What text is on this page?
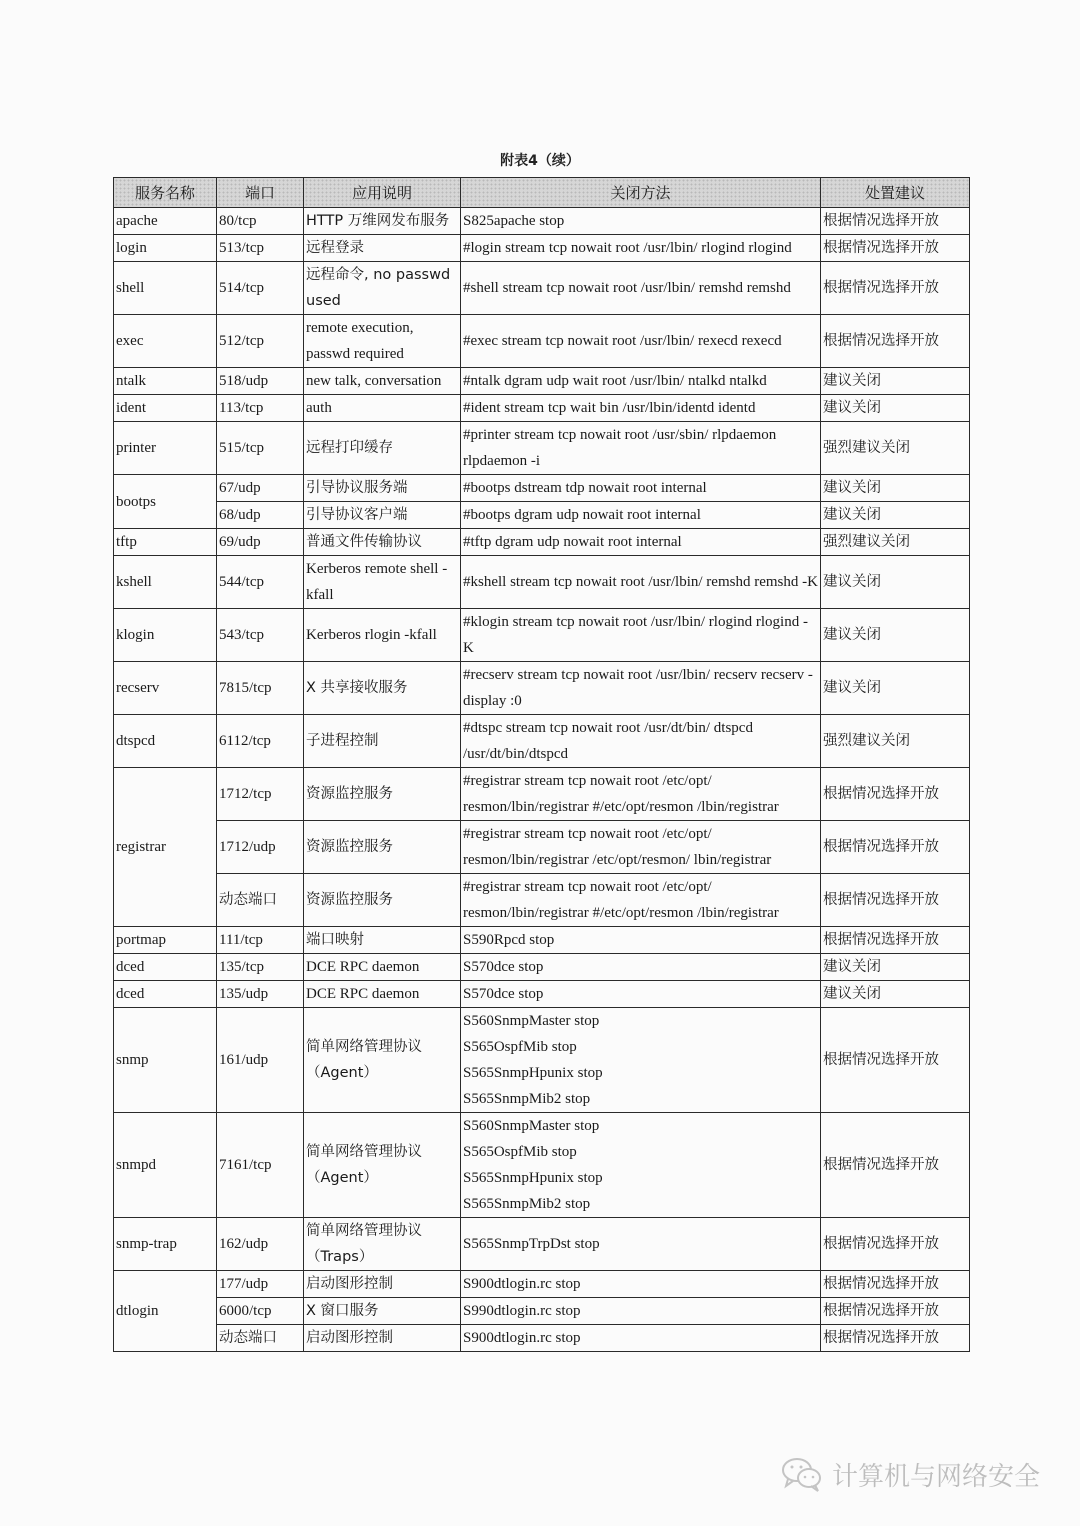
附表4（续）
服务名称	端口	应用说明	关闭方法	处置建议
apache	80/tcp	HTTP 万维网发布服务	S825apache stop	根据情况选择开放
login	513/tcp	远程登录	#login stream tcp nowait root /usr/lbin/ rlogind rlogind	根据情况选择开放
shell	514/tcp	远程命令, no passwd used	#shell stream tcp nowait root /usr/lbin/ remshd remshd	根据情况选择开放
exec	512/tcp	remote execution, passwd required	#exec stream tcp nowait root /usr/lbin/ rexecd rexecd	根据情况选择开放
ntalk	518/udp	new talk, conversation	#ntalk dgram udp wait root /usr/lbin/ ntalkd ntalkd	建议关闭
ident	113/tcp	auth	#ident stream tcp wait bin /usr/lbin/identd identd	建议关闭
printer	515/tcp	远程打印缓存	#printer stream tcp nowait root /usr/sbin/ rlpdaemon rlpdaemon -i	强烈建议关闭
bootps	67/udp	引导协议服务端	#bootps dstream tdp nowait root internal	建议关闭
	68/udp	引导协议客户端	#bootps dgram udp nowait root internal	建议关闭
tftp	69/udp	普通文件传输协议	#tftp dgram udp nowait root internal	强烈建议关闭
kshell	544/tcp	Kerberos remote shell -kfall	#kshell stream tcp nowait root /usr/lbin/ remshd remshd -K	建议关闭
klogin	543/tcp	Kerberos rlogin -kfall	#klogin stream tcp nowait root /usr/lbin/ rlogind rlogind -K	建议关闭
recserv	7815/tcp	X 共享接收服务	#recserv stream tcp nowait root /usr/lbin/ recserv recserv -display :0	建议关闭
dtspcd	6112/tcp	子进程控制	#dtspc stream tcp nowait root /usr/dt/bin/ dtspcd /usr/dt/bin/dtspcd	强烈建议关闭
registrar	1712/tcp	资源监控服务	#registrar stream tcp nowait root /etc/opt/ resmon/lbin/registrar #/etc/opt/resmon /lbin/registrar	根据情况选择开放
	1712/udp	资源监控服务	#registrar stream tcp nowait root /etc/opt/ resmon/lbin/registrar /etc/opt/resmon/ lbin/registrar	根据情况选择开放
	动态端口	资源监控服务	#registrar stream tcp nowait root /etc/opt/ resmon/lbin/registrar #/etc/opt/resmon /lbin/registrar	根据情况选择开放
portmap	111/tcp	端口映射	S590Rpcd stop	根据情况选择开放
dced	135/tcp	DCE RPC daemon	S570dce stop	建议关闭
dced	135/udp	DCE RPC daemon	S570dce stop	建议关闭
snmp	161/udp	简单网络管理协议（Agent）	S560SnmpMaster stop
S565OspfMib stop
S565SnmpHpunix stop
S565SnmpMib2 stop	根据情况选择开放
snmpd	7161/tcp	简单网络管理协议（Agent）	S560SnmpMaster stop
S565OspfMib stop
S565SnmpHpunix stop
S565SnmpMib2 stop	根据情况选择开放
snmp-trap	162/udp	简单网络管理协议（Traps）	S565SnmpTrpDst stop	根据情况选择开放
dtlogin	177/udp	启动图形控制	S900dtlogin.rc stop	根据情况选择开放
	6000/tcp	X 窗口服务	S990dtlogin.rc stop	根据情况选择开放
	动态端口	启动图形控制	S900dtlogin.rc stop	根据情况选择开放
计算机与网络安全
